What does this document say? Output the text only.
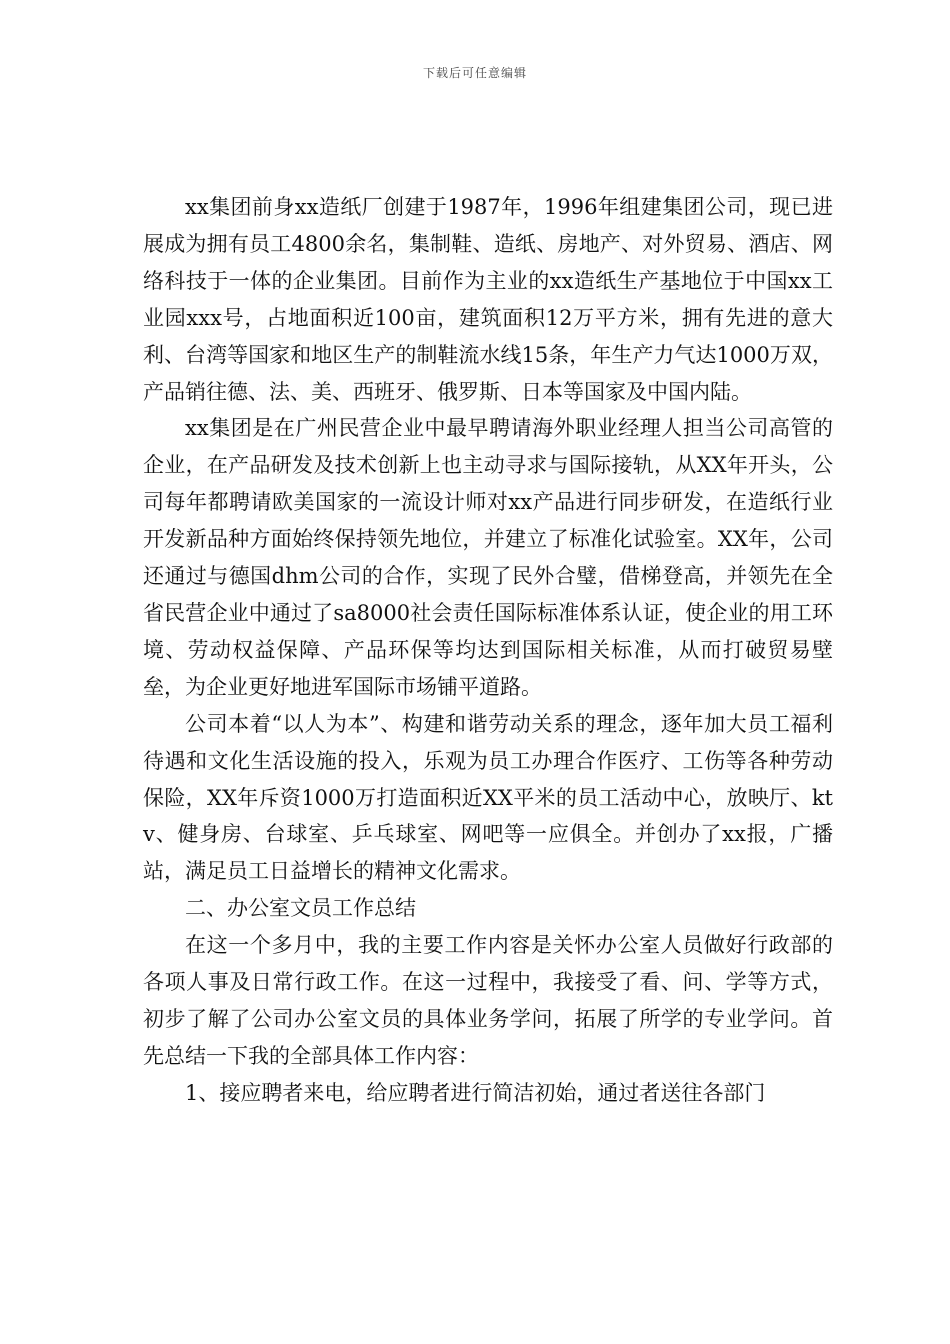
下载后可任意编辑

xx集团前身xx造纸厂创建于1987年，1996年组建集团公司，现已进展成为拥有员工4800余名，集制鞋、造纸、房地产、对外贸易、酒店、网络科技于一体的企业集团。目前作为主业的xx造纸生产基地位于中国xx工业园xxx号，占地面积近100亩，建筑面积12万平方米，拥有先进的意大利、台湾等国家和地区生产的制鞋流水线15条，年生产力气达1000万双，产品销往德、法、美、西班牙、俄罗斯、日本等国家及中国内陆。

xx集团是在广州民营企业中最早聘请海外职业经理人担当公司高管的企业，在产品研发及技术创新上也主动寻求与国际接轨，从XX年开头，公司每年都聘请欧美国家的一流设计师对xx产品进行同步研发，在造纸行业开发新品种方面始终保持领先地位，并建立了标准化试验室。XX年，公司还通过与德国dhm公司的合作，实现了民外合璧，借梯登高，并领先在全省民营企业中通过了sa8000社会责任国际标准体系认证，使企业的用工环境、劳动权益保障、产品环保等均达到国际相关标准，从而打破贸易壁垒，为企业更好地进军国际市场铺平道路。

公司本着“以人为本”、构建和谐劳动关系的理念，逐年加大员工福利待遇和文化生活设施的投入，乐观为员工办理合作医疗、工伤等各种劳动保险，XX年斥资1000万打造面积近XX平米的员工活动中心，放映厅、ktv、健身房、台球室、乒乓球室、网吧等一应俱全。并创办了xx报，广播站，满足员工日益增长的精神文化需求。

二、办公室文员工作总结

在这一个多月中，我的主要工作内容是关怀办公室人员做好行政部的各项人事及日常行政工作。在这一过程中，我接受了看、问、学等方式，初步了解了公司办公室文员的具体业务学问，拓展了所学的专业学问。首先总结一下我的全部具体工作内容：

1、接应聘者来电，给应聘者进行简洁初始，通过者送往各部门
